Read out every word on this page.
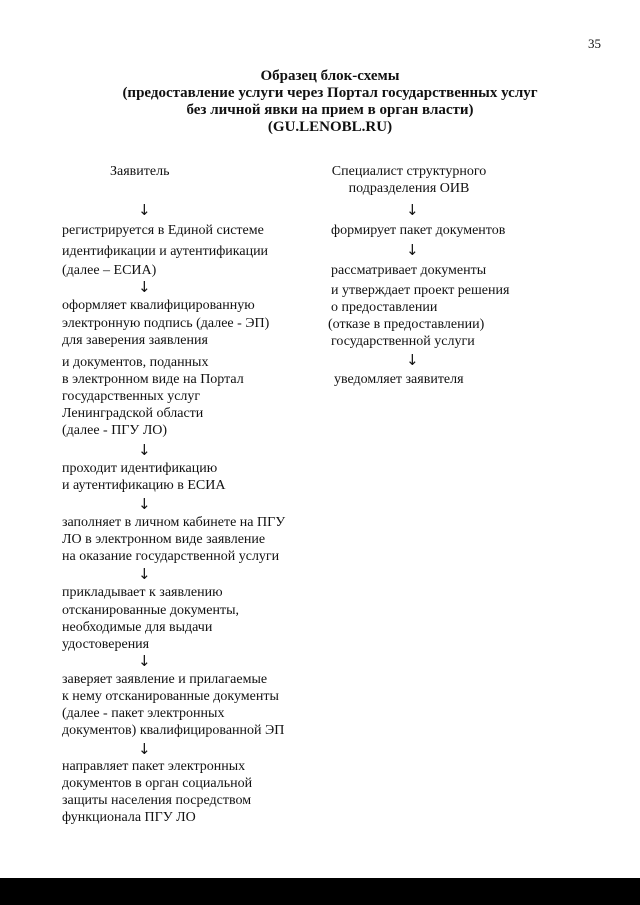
35
Образец блок-схемы
(предоставление услуги через Портал государственных услуг
без личной явки на прием в орган власти)
(GU.LENOBL.RU)
Заявитель
↓
регистрируется в Единой системе
идентификации и аутентификации
(далее – ЕСИА)
↓
оформляет квалифицированную
электронную подпись (далее - ЭП)
для заверения заявления
и документов, поданных
в электронном виде на Портал
государственных услуг
Ленинградской области
(далее - ПГУ ЛО)
↓
проходит идентификацию
и аутентификацию в ЕСИА
↓
заполняет в личном кабинете на ПГУ
ЛО в электронном виде заявление
на оказание государственной услуги
↓
прикладывает к заявлению
отсканированные документы,
необходимые для выдачи
удостоверения
↓
заверяет заявление и прилагаемые
к нему отсканированные документы
(далее - пакет электронных
документов) квалифицированной ЭП
↓
направляет пакет электронных
документов в орган социальной
защиты населения посредством
функционала ПГУ ЛО
Специалист структурного
подразделения ОИВ
↓
формирует пакет документов
↓
рассматривает документы
и утверждает проект решения
о предоставлении
(отказе в предоставлении)
государственной услуги
↓
уведомляет заявителя
